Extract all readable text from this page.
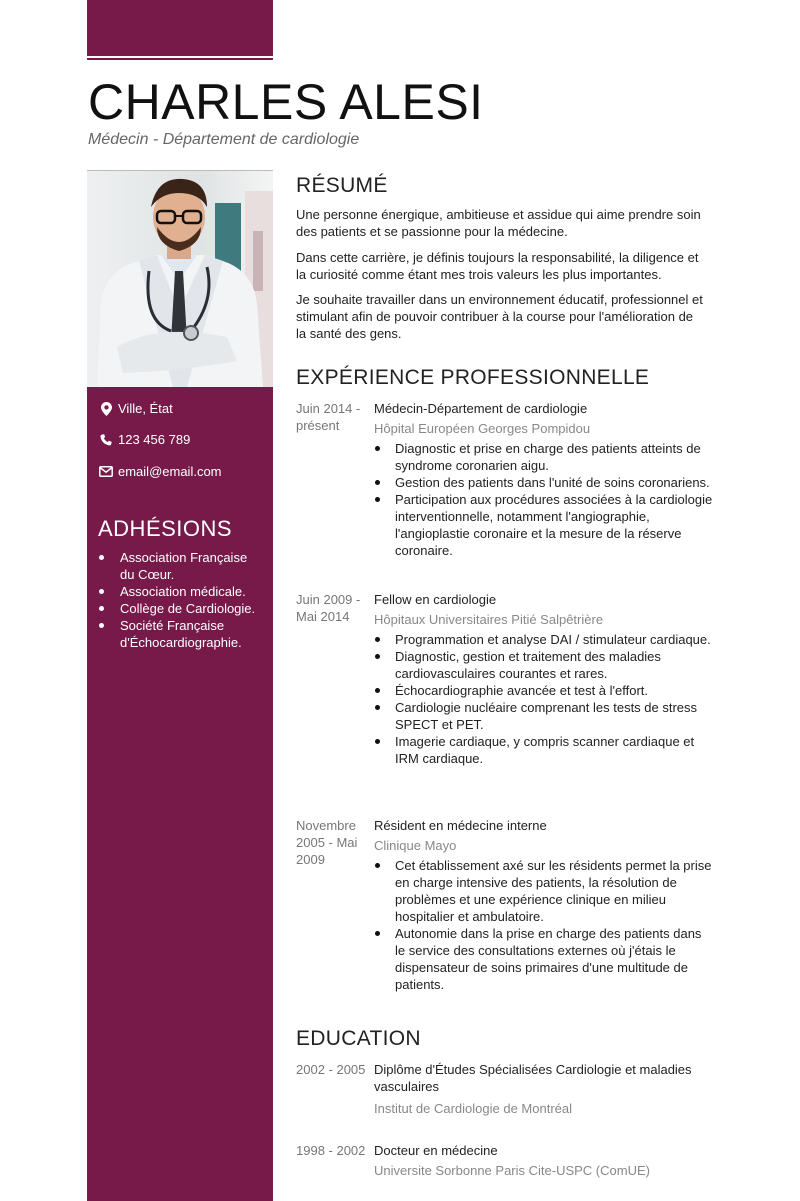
CHARLES ALESI

Médecin - Département de cardiologie

Ville, État
123 456 789
email@email.com
ADHÉSIONS
Association Française du Cœur.
Association médicale.
Collège de Cardiologie.
Société Française d'Échocardiographie.
RÉSUMÉ

Une personne énergique, ambitieuse et assidue qui aime prendre soin des patients et se passionne pour la médecine.

Dans cette carrière, je définis toujours la responsabilité, la diligence et la curiosité comme étant mes trois valeurs les plus importantes.

Je souhaite travailler dans un environnement éducatif, professionnel et stimulant afin de pouvoir contribuer à la course pour l'amélioration de la santé des gens.

EXPÉRIENCE PROFESSIONNELLE
Juin 2014 - présent
Médecin-Département de cardiologie
Hôpital Européen Georges Pompidou
Diagnostic et prise en charge des patients atteints de syndrome coronarien aigu.
Gestion des patients dans l'unité de soins coronariens.
Participation aux procédures associées à la cardiologie interventionnelle, notamment l'angiographie, l'angioplastie coronaire et la mesure de la réserve coronaire.
Juin 2009 - Mai 2014
Fellow en cardiologie
Hôpitaux Universitaires Pitié Salpêtrière
Programmation et analyse DAI / stimulateur cardiaque.
Diagnostic, gestion et traitement des maladies cardiovasculaires courantes et rares.
Échocardiographie avancée et test à l'effort.
Cardiologie nucléaire comprenant les tests de stress SPECT et PET.
Imagerie cardiaque, y compris scanner cardiaque et IRM cardiaque.
Novembre 2005 - Mai 2009
Résident en médecine interne
Clinique Mayo
Cet établissement axé sur les résidents permet la prise en charge intensive des patients, la résolution de problèmes et une expérience clinique en milieu hospitalier et ambulatoire.
Autonomie dans la prise en charge des patients dans le service des consultations externes où j'étais le dispensateur de soins primaires d'une multitude de patients.
EDUCATION
2002 - 2005 Diplôme d'Études Spécialisées Cardiologie et maladies vasculaires
Institut de Cardiologie de Montréal
1998 - 2002 Docteur en médecine
Universite Sorbonne Paris Cite-USPC (ComUE)
